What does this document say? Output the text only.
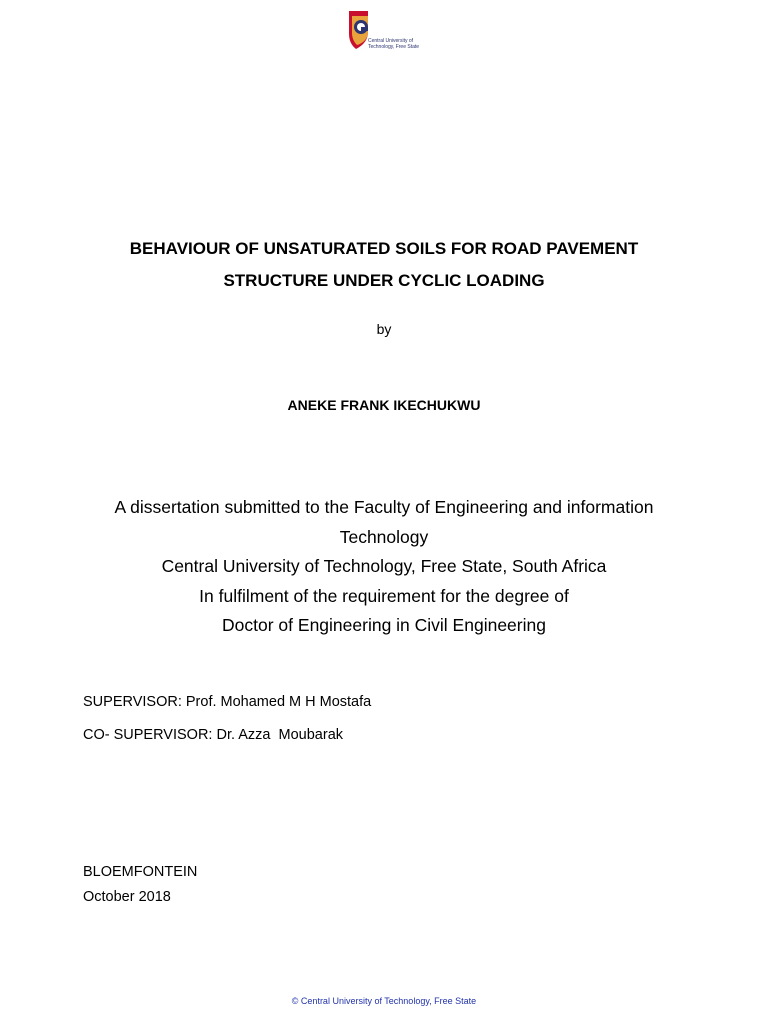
Central University of
Technology, Free State
BEHAVIOUR OF UNSATURATED SOILS FOR ROAD PAVEMENT
STRUCTURE UNDER CYCLIC LOADING
by
ANEKE FRANK IKECHUKWU
A dissertation submitted to the Faculty of Engineering and information
Technology
Central University of Technology, Free State, South Africa
In fulfilment of the requirement for the degree of
Doctor of Engineering in Civil Engineering
SUPERVISOR: Prof. Mohamed M H Mostafa
CO- SUPERVISOR: Dr. Azza  Moubarak
BLOEMFONTEIN
October 2018
© Central University of Technology, Free State
